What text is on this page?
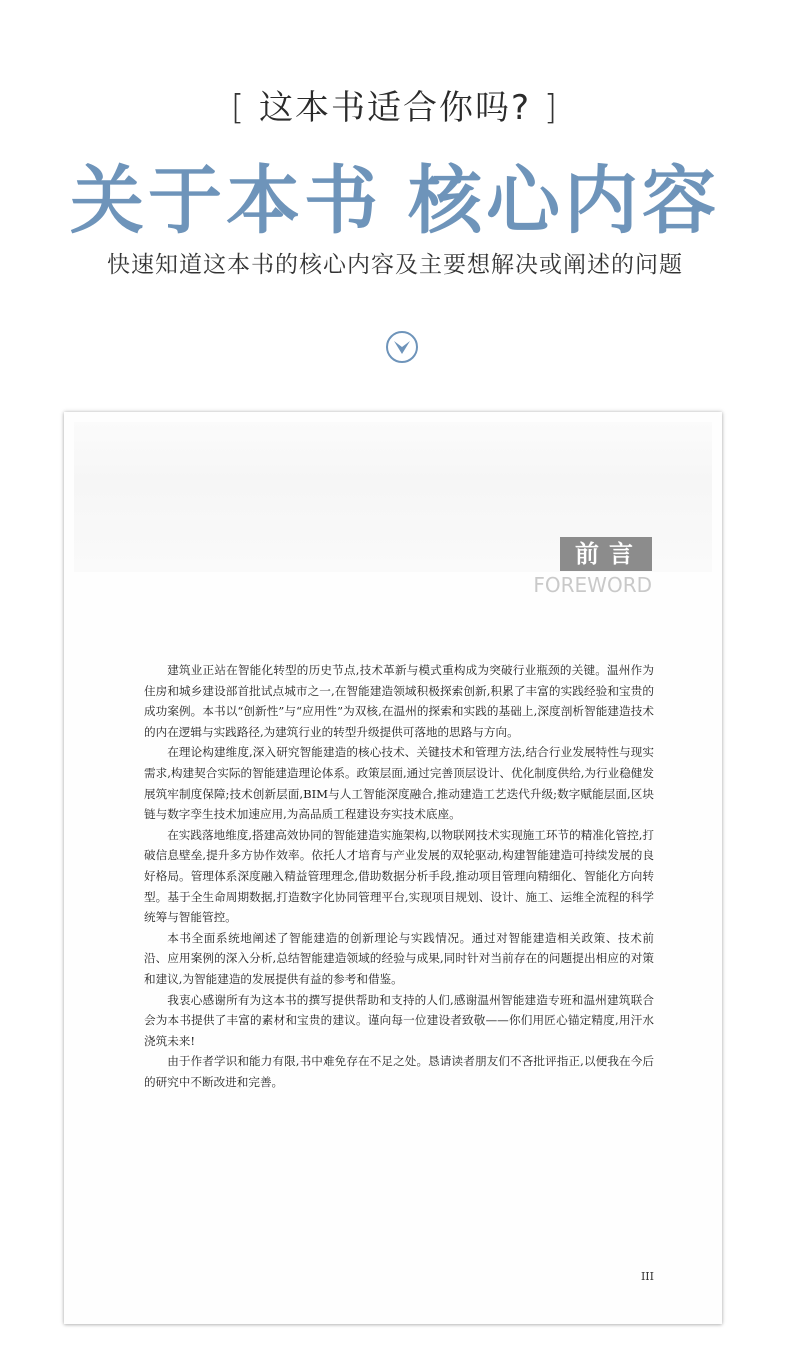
[ 这本书适合你吗? ]
关于本书 核心内容
快速知道这本书的核心内容及主要想解决或阐述的问题
前言
FOREWORD

建筑业正站在智能化转型的历史节点,技术革新与模式重构成为突破行业瓶颈的关键。温州作为住房和城乡建设部首批试点城市之一,在智能建造领域积极探索创新,积累了丰富的实践经验和宝贵的成功案例。本书以“创新性”与“应用性”为双核,在温州的探索和实践的基础上,深度剖析智能建造技术的内在逻辑与实践路径,为建筑行业的转型升级提供可落地的思路与方向。

在理论构建维度,深入研究智能建造的核心技术、关键技术和管理方法,结合行业发展特性与现实需求,构建契合实际的智能建造理论体系。政策层面,通过完善顶层设计、优化制度供给,为行业稳健发展筑牢制度保障;技术创新层面,BIM与人工智能深度融合,推动建造工艺迭代升级;数字赋能层面,区块链与数字孪生技术加速应用,为高品质工程建设夯实技术底座。

在实践落地维度,搭建高效协同的智能建造实施架构,以物联网技术实现施工环节的精准化管控,打破信息壁垒,提升多方协作效率。依托人才培育与产业发展的双轮驱动,构建智能建造可持续发展的良好格局。管理体系深度融入精益管理理念,借助数据分析手段,推动项目管理向精细化、智能化方向转型。基于全生命周期数据,打造数字化协同管理平台,实现项目规划、设计、施工、运维全流程的科学统筹与智能管控。

本书全面系统地阐述了智能建造的创新理论与实践情况。通过对智能建造相关政策、技术前沿、应用案例的深入分析,总结智能建造领域的经验与成果,同时针对当前存在的问题提出相应的对策和建议,为智能建造的发展提供有益的参考和借鉴。

我衷心感谢所有为这本书的撰写提供帮助和支持的人们,感谢温州智能建造专班和温州建筑联合会为本书提供了丰富的素材和宝贵的建议。谨向每一位建设者致敬——你们用匠心锚定精度,用汗水浇筑未来!

由于作者学识和能力有限,书中难免存在不足之处。恳请读者朋友们不吝批评指正,以便我在今后的研究中不断改进和完善。

III
